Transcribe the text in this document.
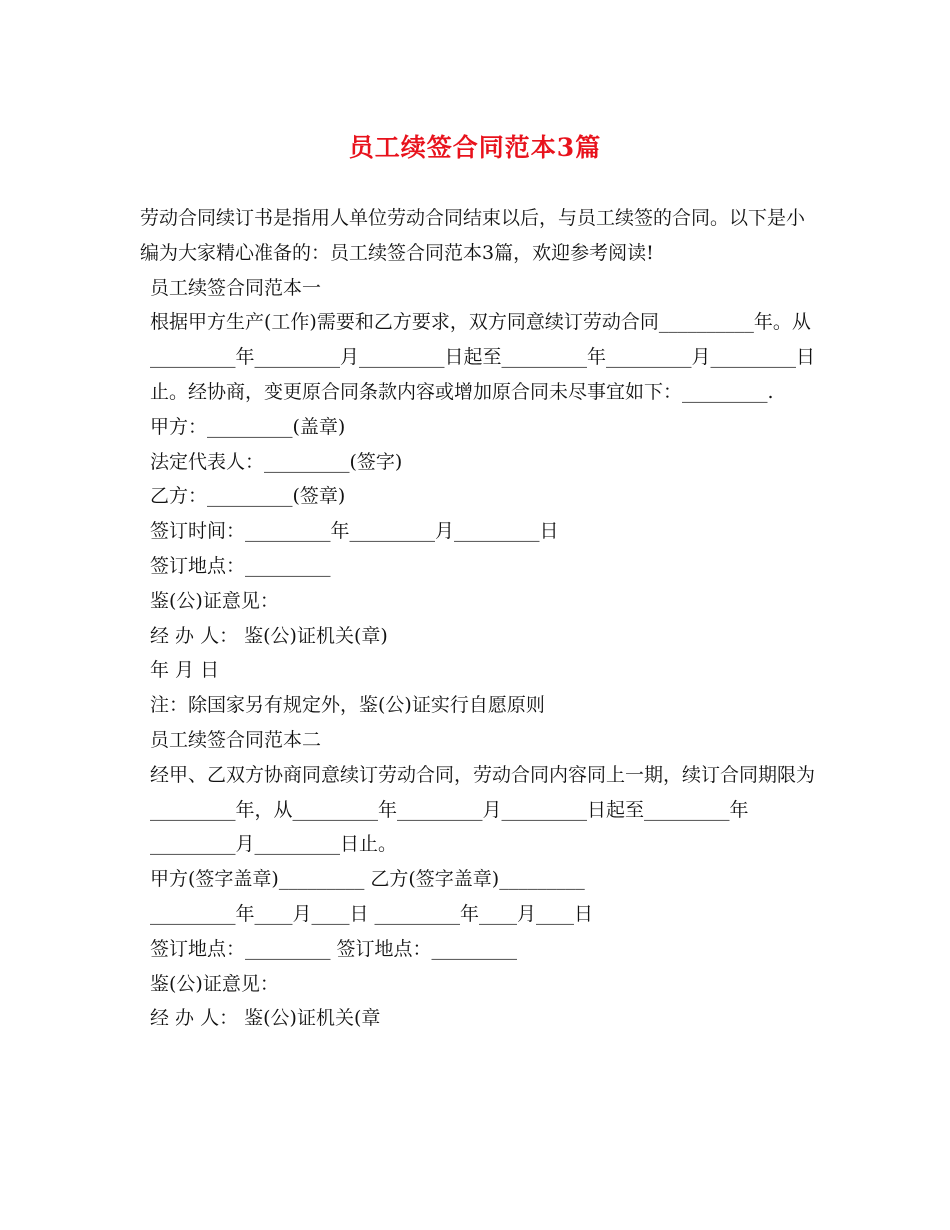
员工续签合同范本3篇

劳动合同续订书是指用人单位劳动合同结束以后，与员工续签的合同。以下是小编为大家精心准备的：员工续签合同范本3篇，欢迎参考阅读!

员工续签合同范本一

根据甲方生产(工作)需要和乙方要求，双方同意续订劳动合同__________年。从_________年_________月_________日起至_________年_________月_________日止。经协商，变更原合同条款内容或增加原合同未尽事宜如下：_________.

甲方：_________(盖章)

法定代表人：_________(签字)

乙方：_________(签章)

签订时间：_________年_________月_________日

签订地点：_________

鉴(公)证意见：

经 办 人： 鉴(公)证机关(章)

年 月 日

注：除国家另有规定外，鉴(公)证实行自愿原则

员工续签合同范本二

经甲、乙双方协商同意续订劳动合同，劳动合同内容同上一期，续订合同期限为_________年，从_________年_________月_________日起至_________年_________月_________日止。

甲方(签字盖章)_________ 乙方(签字盖章)_________

_________年____月____日 _________年____月____日

签订地点：_________ 签订地点：_________

鉴(公)证意见：

经 办 人： 鉴(公)证机关(章
